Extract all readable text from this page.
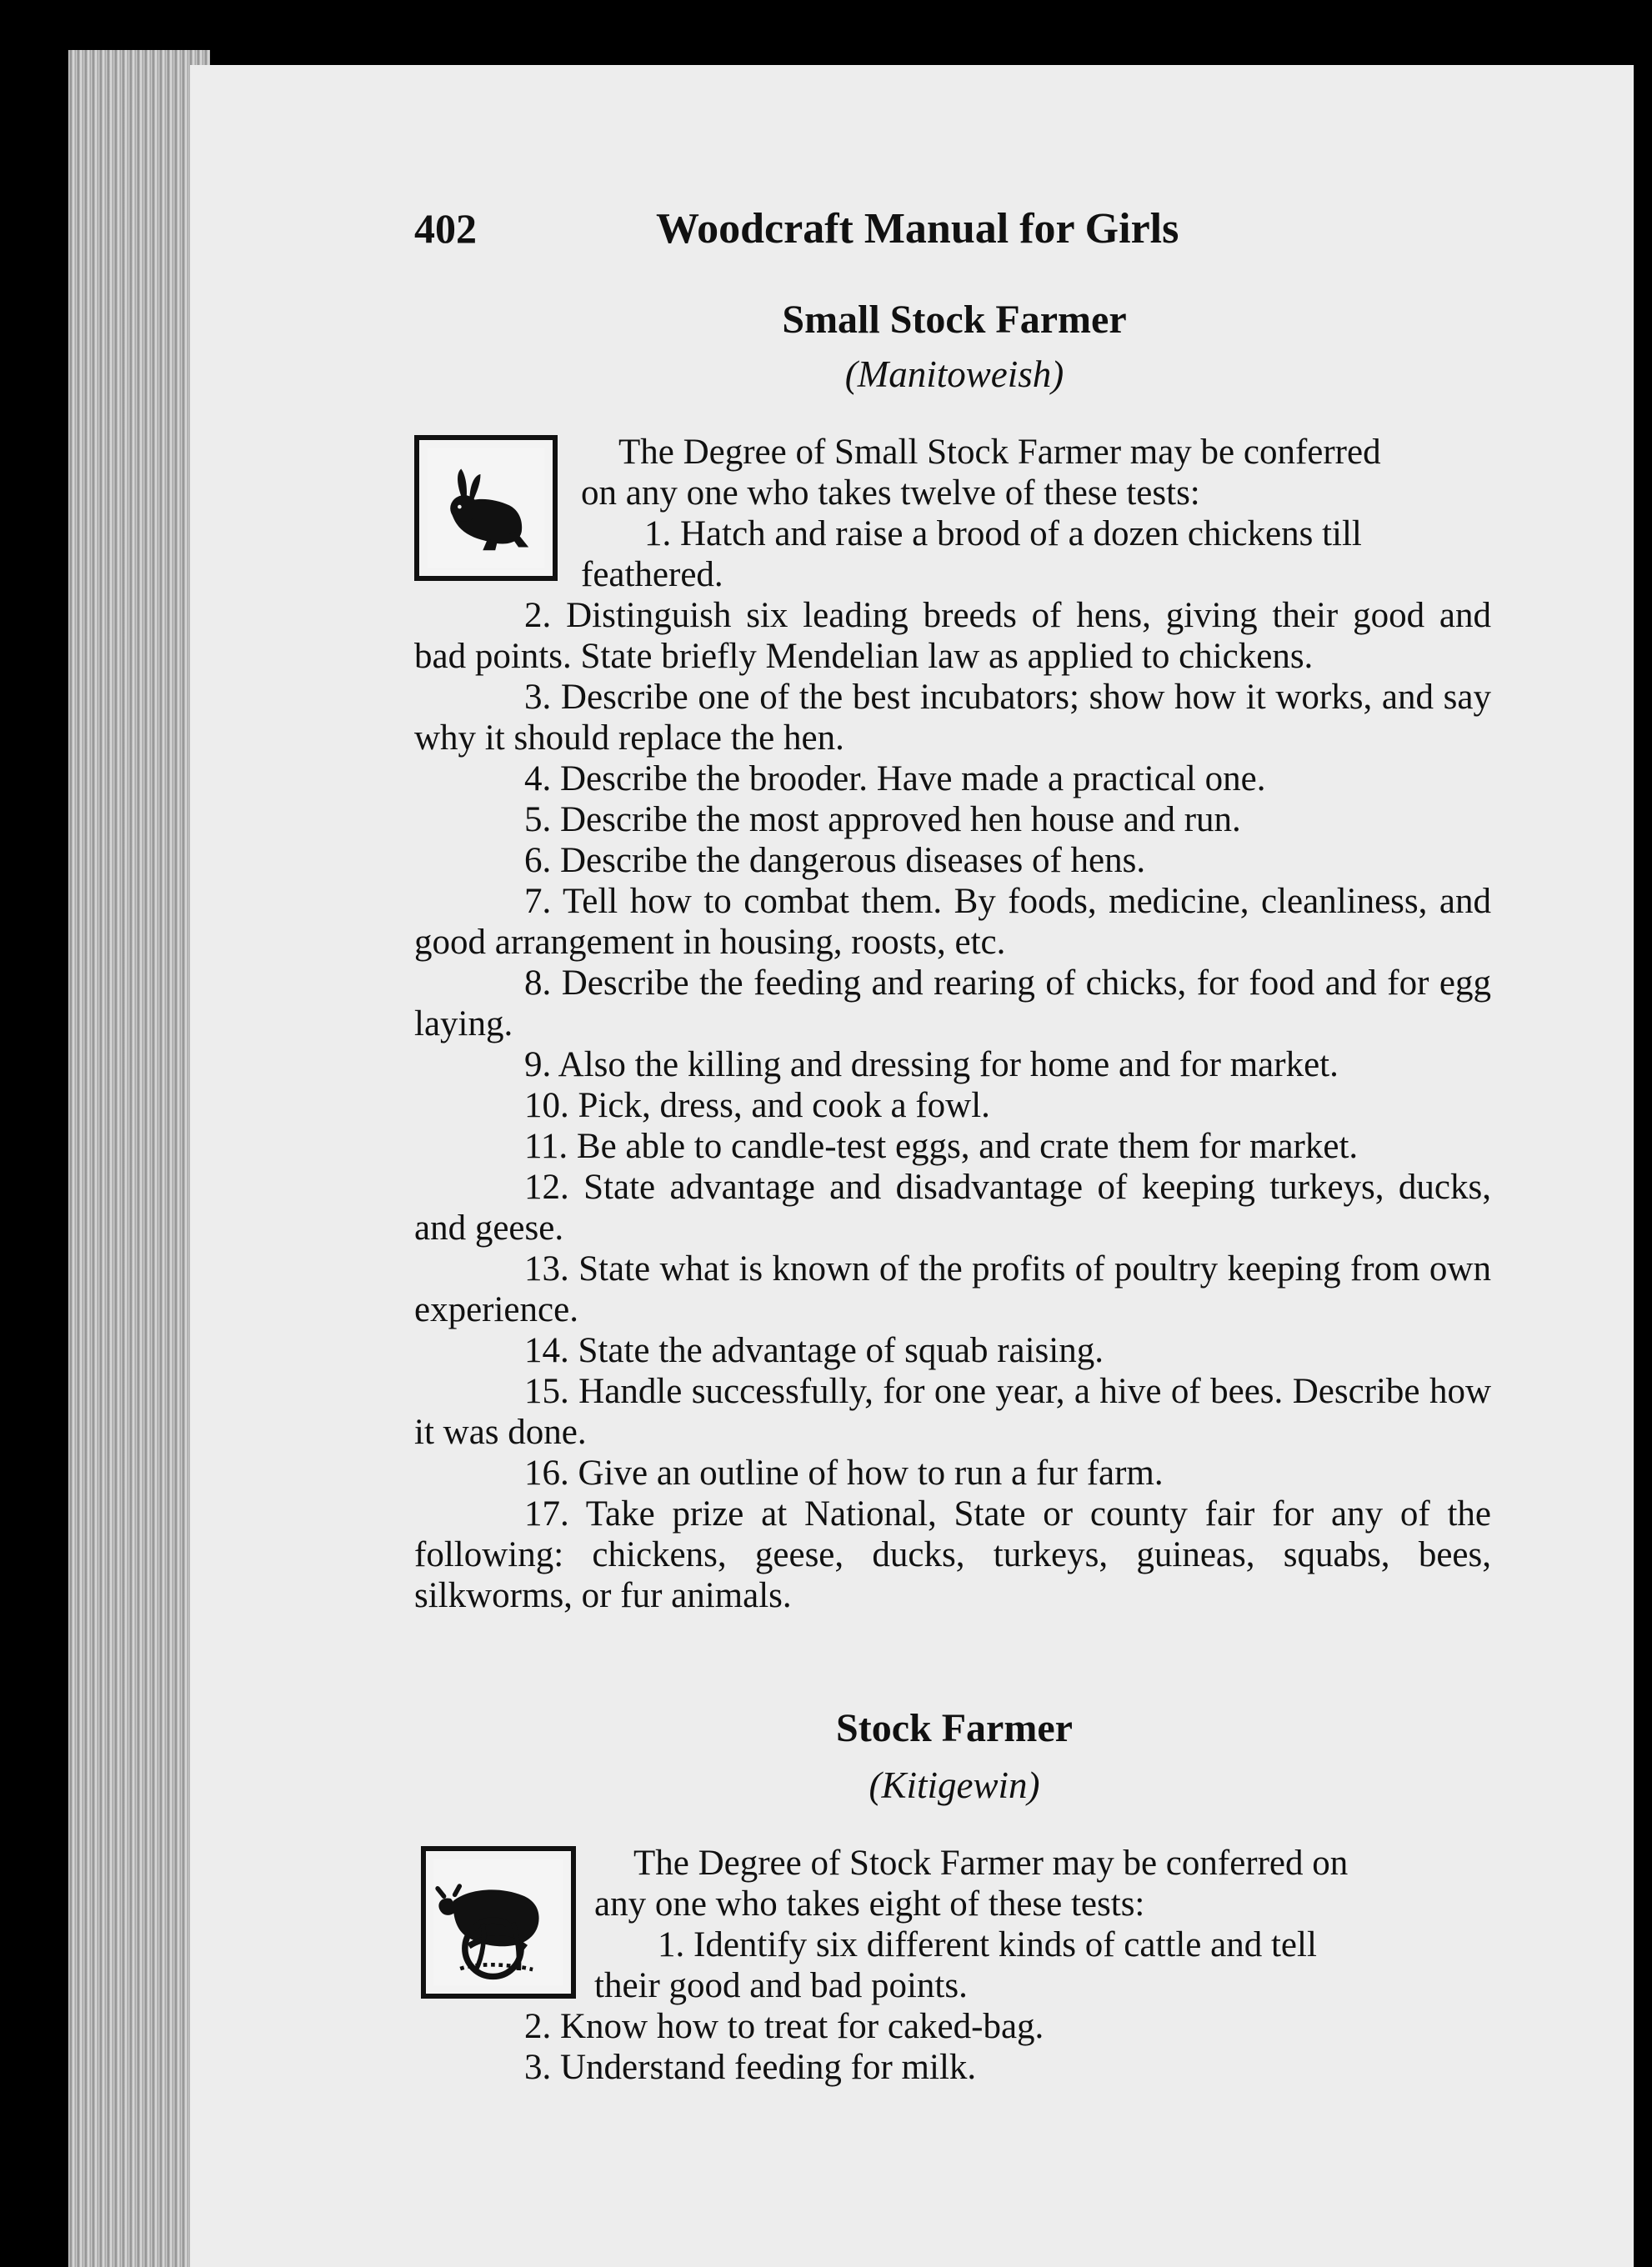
402	Woodcraft Manual for Girls
Small Stock Farmer
(Manitoweish)

The Degree of Small Stock Farmer may be conferred

on any one who takes twelve of these tests:

1. Hatch and raise a brood of a dozen chickens till

feathered.

2. Distinguish six leading breeds of hens, giving their good and bad points. State briefly Mendelian law as applied to chickens.

3. Describe one of the best incubators; show how it works, and say why it should replace the hen.

4. Describe the brooder. Have made a practical one.

5. Describe the most approved hen house and run.

6. Describe the dangerous diseases of hens.

7. Tell how to combat them. By foods, medicine, cleanliness, and good arrangement in housing, roosts, etc.

8. Describe the feeding and rearing of chicks, for food and for egg laying.

9. Also the killing and dressing for home and for market.

10. Pick, dress, and cook a fowl.

11. Be able to candle-test eggs, and crate them for market.

12. State advantage and disadvantage of keeping turkeys, ducks, and geese.

13. State what is known of the profits of poultry keeping from own experience.

14. State the advantage of squab raising.

15. Handle successfully, for one year, a hive of bees. Describe how it was done.

16. Give an outline of how to run a fur farm.

17. Take prize at National, State or county fair for any of the following: chickens, geese, ducks, turkeys, guineas, squabs, bees, silkworms, or fur animals.

Stock Farmer
(Kitigewin)

The Degree of Stock Farmer may be conferred on

any one who takes eight of these tests:

1. Identify six different kinds of cattle and tell

their good and bad points.

2. Know how to treat for caked-bag.

3. Understand feeding for milk.
